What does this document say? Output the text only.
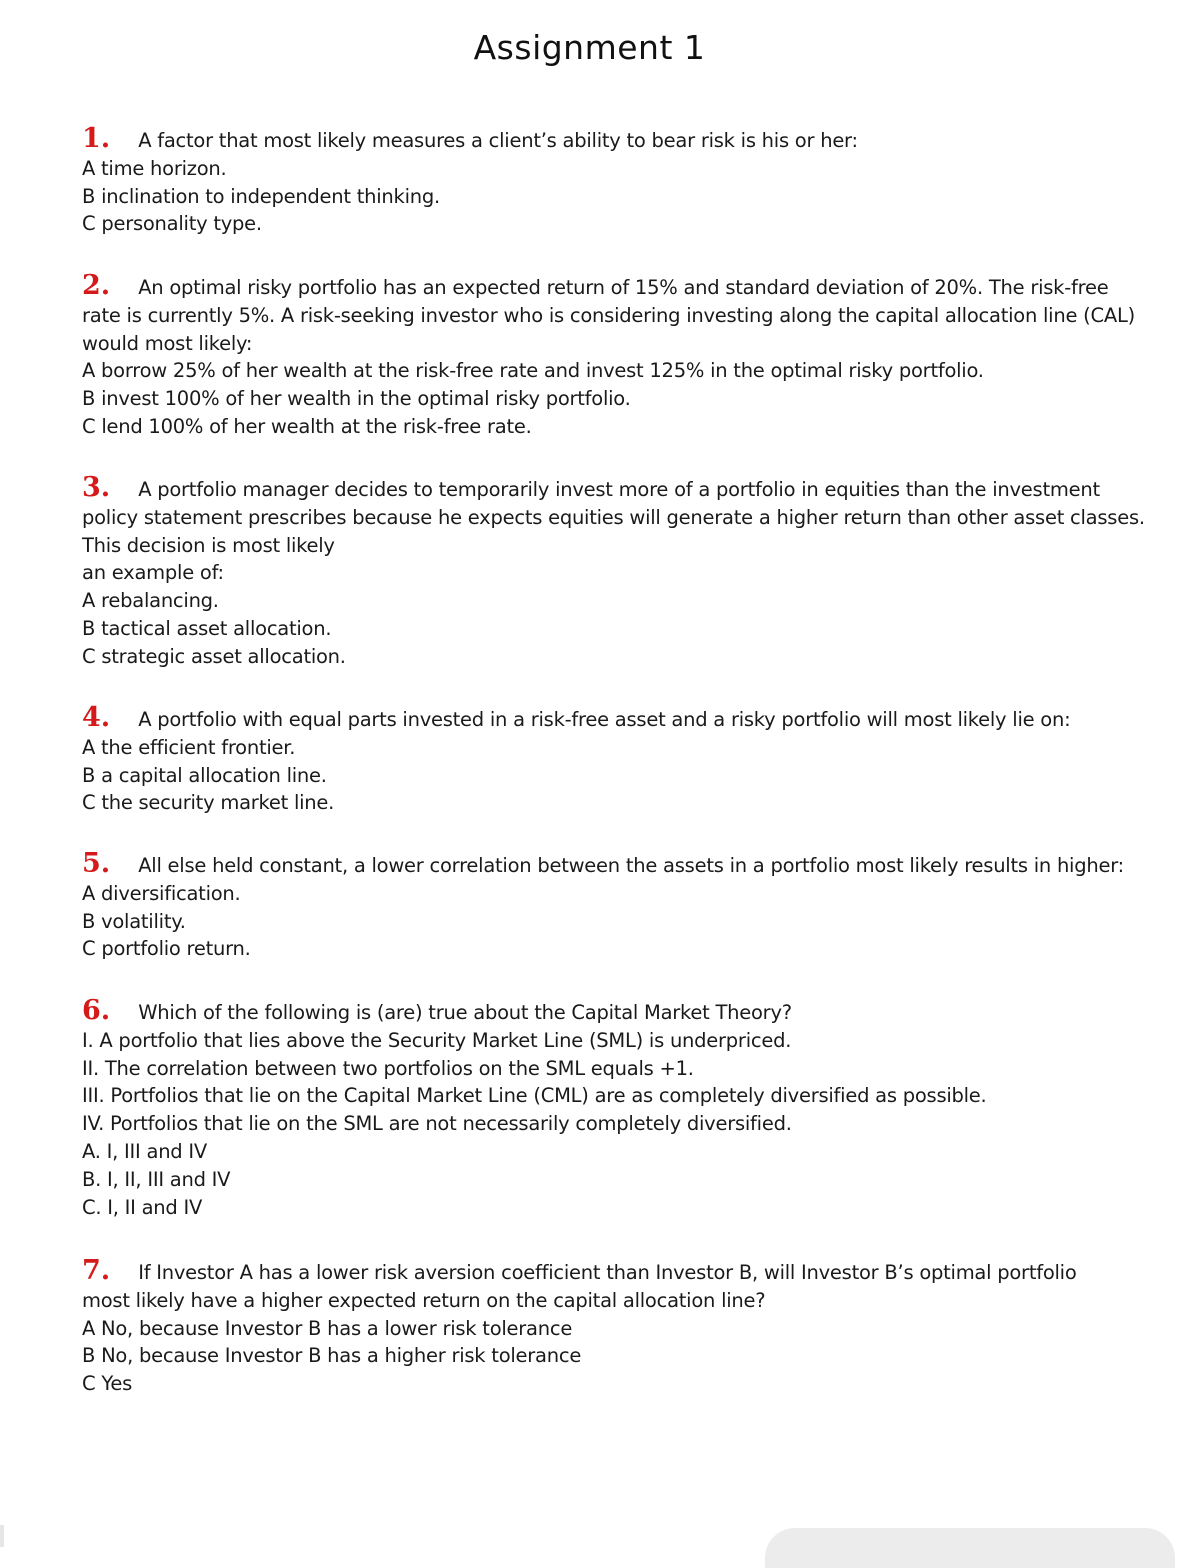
Assignment 1
1. A factor that most likely measures a client’s ability to bear risk is his or her:
A time horizon.
B inclination to independent thinking.
C personality type.
2. An optimal risky portfolio has an expected return of 15% and standard deviation of 20%. The risk-free
rate is currently 5%. A risk-seeking investor who is considering investing along the capital allocation line (CAL)
would most likely:
A borrow 25% of her wealth at the risk-free rate and invest 125% in the optimal risky portfolio.
B invest 100% of her wealth in the optimal risky portfolio.
C lend 100% of her wealth at the risk-free rate.
3. A portfolio manager decides to temporarily invest more of a portfolio in equities than the investment
policy statement prescribes because he expects equities will generate a higher return than other asset classes.
This decision is most likely
an example of:
A rebalancing.
B tactical asset allocation.
C strategic asset allocation.
4. A portfolio with equal parts invested in a risk-free asset and a risky portfolio will most likely lie on:
A the efficient frontier.
B a capital allocation line.
C the security market line.
5. All else held constant, a lower correlation between the assets in a portfolio most likely results in higher:
A diversification.
B volatility.
C portfolio return.
6. Which of the following is (are) true about the Capital Market Theory?
I. A portfolio that lies above the Security Market Line (SML) is underpriced.
II. The correlation between two portfolios on the SML equals +1.
III. Portfolios that lie on the Capital Market Line (CML) are as completely diversified as possible.
IV. Portfolios that lie on the SML are not necessarily completely diversified.
A. I, III and IV
B. I, II, III and IV
C. I, II and IV
7. If Investor A has a lower risk aversion coefficient than Investor B, will Investor B’s optimal portfolio
most likely have a higher expected return on the capital allocation line?
A No, because Investor B has a lower risk tolerance
B No, because Investor B has a higher risk tolerance
C Yes
